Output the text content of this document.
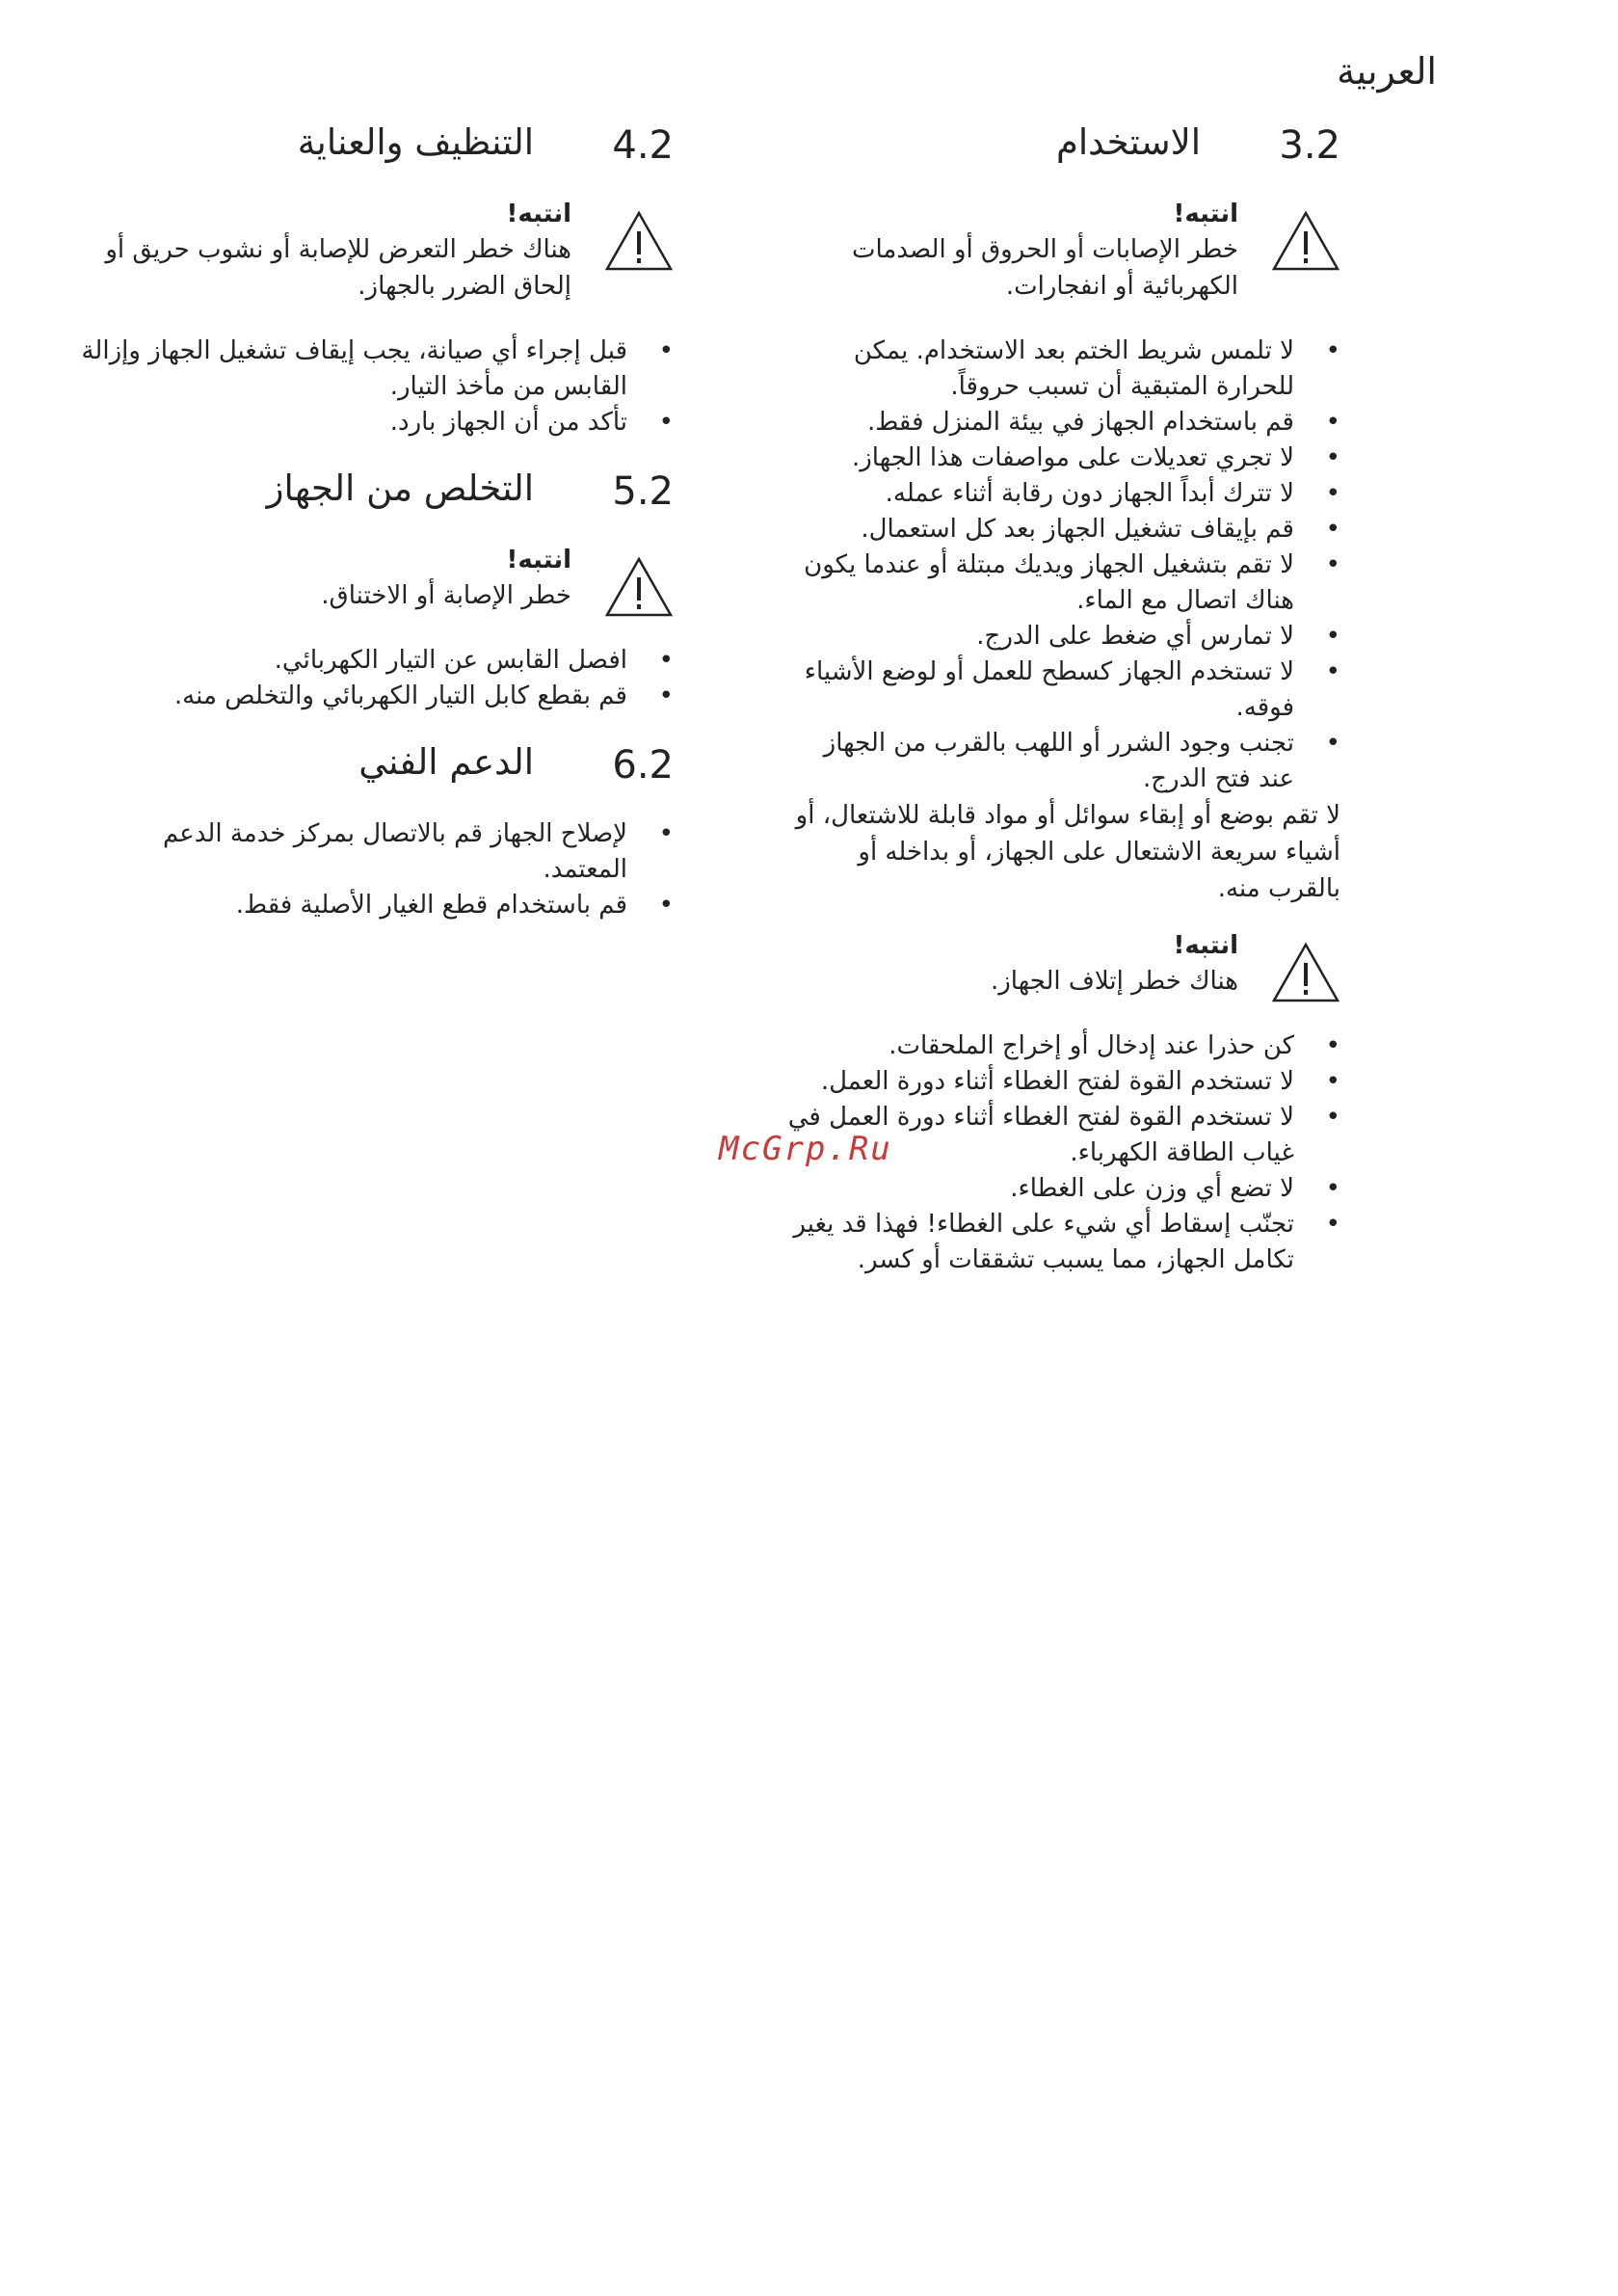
العربية
3.2
الاستخدام
انتبه!
خطر الإصابات أو الحروق أو الصدمات الكهربائية أو انفجارات.
•
لا تلمس شريط الختم بعد الاستخدام. يمكن للحرارة المتبقية أن تسبب حروقاً.
•
قم باستخدام الجهاز في بيئة المنزل فقط.
•
لا تجري تعديلات على مواصفات هذا الجهاز.
•
لا تترك أبداً الجهاز دون رقابة أثناء عمله.
•
قم بإيقاف تشغيل الجهاز بعد كل استعمال.
•
لا تقم بتشغيل الجهاز ويديك مبتلة أو عندما يكون هناك اتصال مع الماء.
•
لا تمارس أي ضغط على الدرج.
•
لا تستخدم الجهاز كسطح للعمل أو لوضع الأشياء فوقه.
•
تجنب وجود الشرر أو اللهب بالقرب من الجهاز عند فتح الدرج.
لا تقم بوضع أو إبقاء سوائل أو مواد قابلة للاشتعال، أو أشياء سريعة الاشتعال على الجهاز، أو بداخله أو بالقرب منه.
انتبه!
هناك خطر إتلاف الجهاز.
•
كن حذرا عند إدخال أو إخراج الملحقات.
•
لا تستخدم القوة لفتح الغطاء أثناء دورة العمل.
•
لا تستخدم القوة لفتح الغطاء أثناء دورة العمل في غياب الطاقة الكهرباء.
•
لا تضع أي وزن على الغطاء.
•
تجنّب إسقاط أي شيء على الغطاء! فهذا قد يغير تكامل الجهاز، مما يسبب تشققات أو كسر.
4.2
التنظيف والعناية
انتبه!
هناك خطر التعرض للإصابة أو نشوب حريق أو إلحاق الضرر بالجهاز.
•
قبل إجراء أي صيانة، يجب إيقاف تشغيل الجهاز وإزالة القابس من مأخذ التيار.
•
تأكد من أن الجهاز بارد.
5.2
التخلص من الجهاز
انتبه!
خطر الإصابة أو الاختناق.
•
افصل القابس عن التيار الكهربائي.
•
قم بقطع كابل التيار الكهربائي والتخلص منه.
6.2
الدعم الفني
•
لإصلاح الجهاز قم بالاتصال بمركز خدمة الدعم المعتمد.
•
قم باستخدام قطع الغيار الأصلية فقط.
McGrp.Ru
